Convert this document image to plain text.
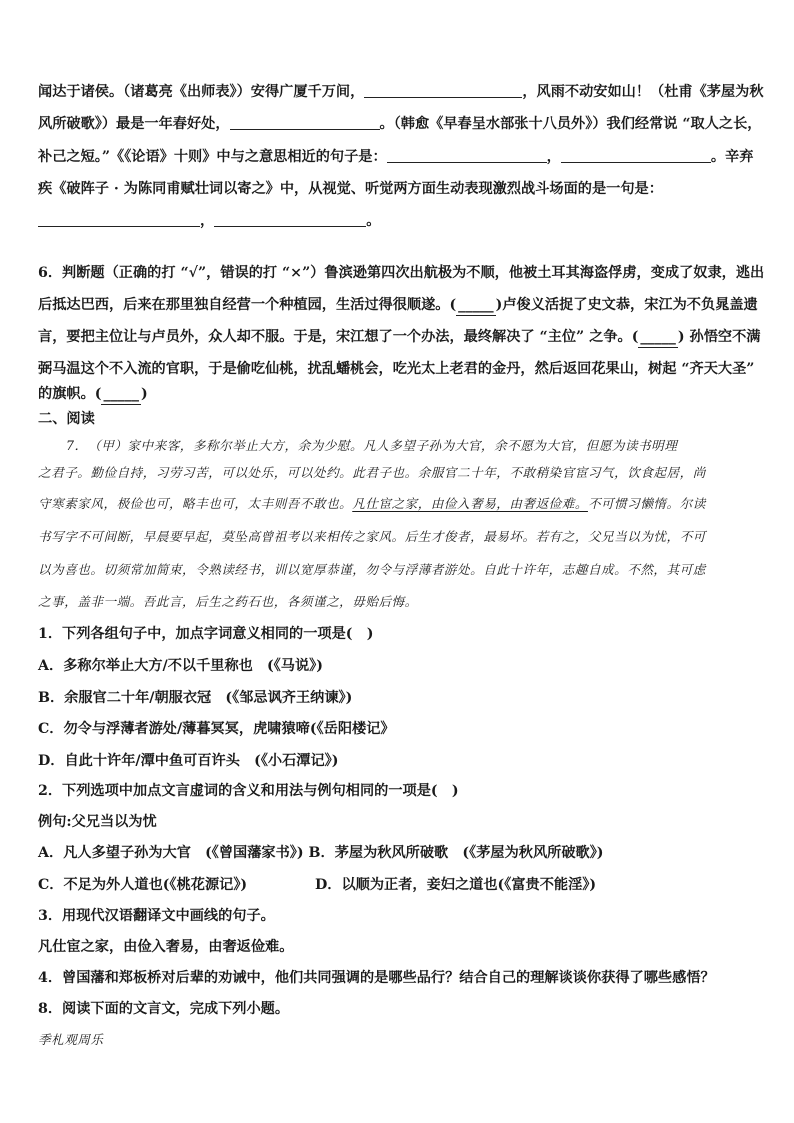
闻达于诸侯。（诸葛亮《出师表》）安得广厦千万间，	，风雨不动安如山！（杜甫《茅屋为秋
风所破歌》）最是一年春好处，	。（韩愈《早春呈水部张十八员外》）我们经常说 “取人之长，
补己之短。”《《论语》十则》中与之意思相近的句子是：	，	。辛弃
疾《破阵子 · 为陈同甫赋壮词以寄之》中，从视觉、听觉两方面生动表现激烈战斗场面的是一句是：
，	。
6．判断题（正确的打 “√”，错误的打 “×”）鲁滨逊第四次出航极为不顺，他被土耳其海盗俘虏，变成了奴隶，逃出
后抵达巴西，后来在那里独自经营一个种植园，生活过得很顺遂。( _____ )卢俊义活捉了史文恭，宋江为不负晁盖遗
言，要把主位让与卢员外，众人却不服。于是，宋江想了一个办法，最终解决了 “主位” 之争。( _____ ) 孙悟空不满
弼马温这个不入流的官职，于是偷吃仙桃，扰乱蟠桃会，吃光太上老君的金丹，然后返回花果山，树起 “齐天大圣”
的旗帜。( _____ )
二、阅读
7．　（甲）家中来客，多称尔举止大方，余为少慰。凡人多望子孙为大官，余不愿为大官，但愿为读书明理
之君子。勤俭自持，习劳习苦，可以处乐，可以处约。此君子也。余服官二十年，不敢稍染官宦习气，饮食起居，尚
守寒素家风，极俭也可，略丰也可，太丰则吾不敢也。凡仕宦之家，由俭入奢易，由奢返俭难。不可惯习懒惰。尔读
书写字不可间断，早晨要早起，莫坠高曾祖考以来相传之家风。后生才俊者，最易坏。若有之，父兄当以为忧，不可
以为喜也。切须常加简束，令熟读经书，训以宽厚恭谨，勿令与浮薄者游处。自此十许年，志趣自成。不然，其可虑
之事，盖非一端。吾此言，后生之药石也，各须谨之，毋贻后悔。
1．下列各组句子中，加点字词意义相同的一项是(　)
A．多称尔举止大方/不以千里称也　(《马说》)
B．余服官二十年/朝服衣冠　(《邹忌讽齐王纳谏》)
C．勿令与浮薄者游处/薄暮冥冥，虎啸猿啼(《岳阳楼记》
D．自此十许年/潭中鱼可百许头　(《小石潭记》)
2．下列选项中加点文言虚词的含义和用法与例句相同的一项是(　)
例句:父兄当以为忧
A．凡人多望子孙为大官　(《曾国藩家书》) B．茅屋为秋风所破歌　(《茅屋为秋风所破歌》)
C．不足为外人道也(《桃花源记》)	D．以顺为正者，妾妇之道也(《富贵不能淫》)
3．用现代汉语翻译文中画线的句子。
凡仕宦之家，由俭入奢易，由奢返俭难。
4．曾国藩和郑板桥对后辈的劝诫中，他们共同强调的是哪些品行？结合自己的理解谈谈你获得了哪些感悟？
8．阅读下面的文言文，完成下列小题。
季札观周乐
